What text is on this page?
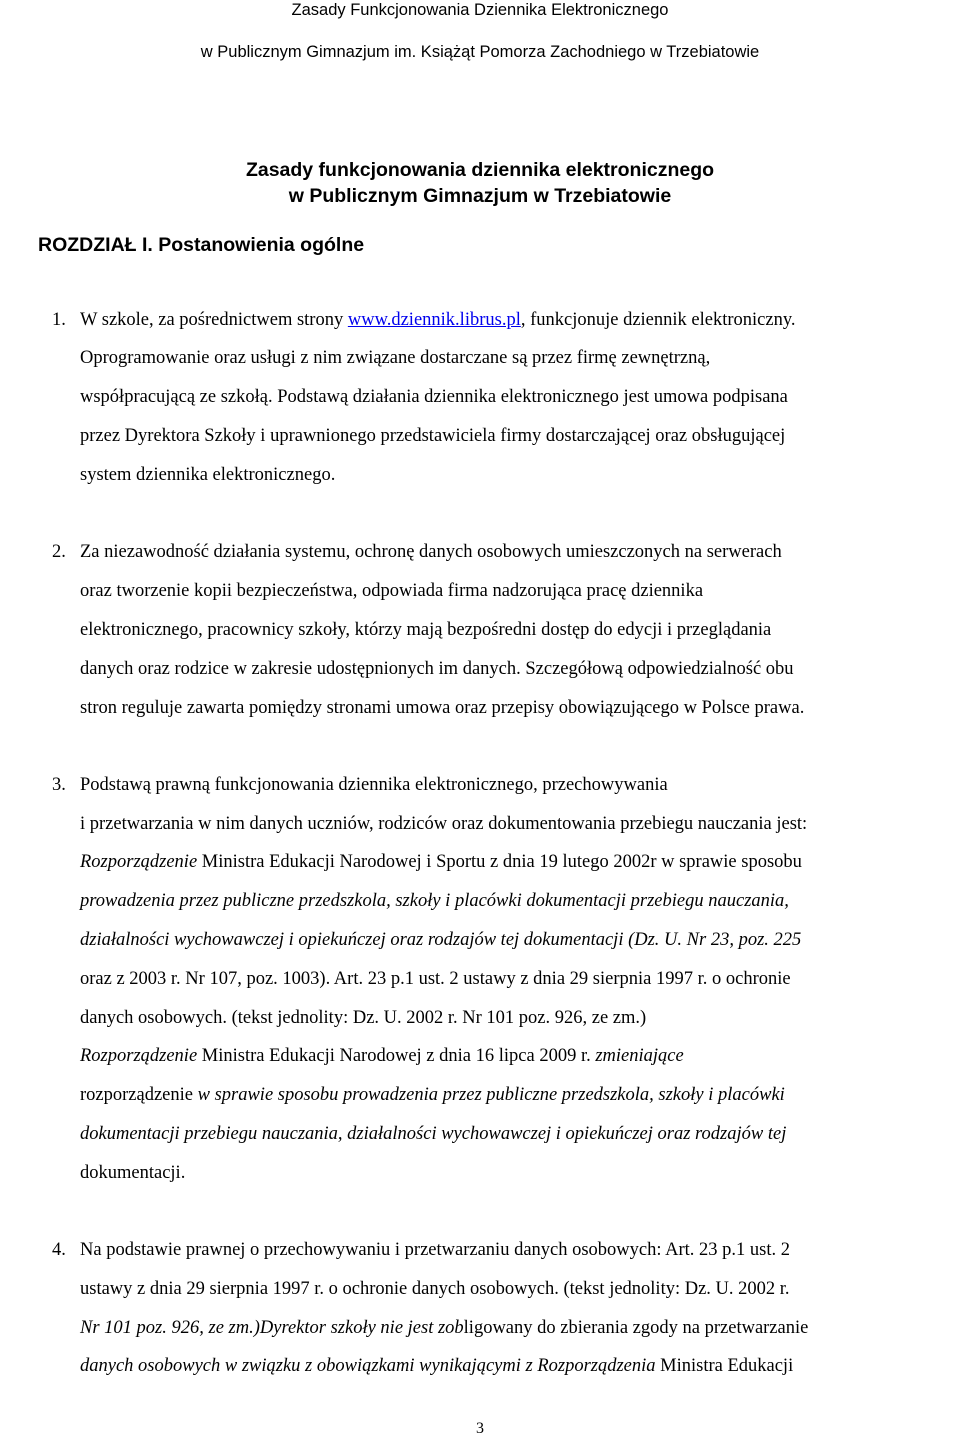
Zasady Funkcjonowania Dziennika Elektronicznego
w Publicznym Gimnazjum im. Książąt Pomorza Zachodniego w Trzebiatowie
Zasady funkcjonowania dziennika elektronicznego
w Publicznym Gimnazjum w Trzebiatowie
ROZDZIAŁ I. Postanowienia ogólne
1. W szkole, za pośrednictwem strony www.dziennik.librus.pl, funkcjonuje dziennik elektroniczny.
Oprogramowanie oraz usługi z nim związane dostarczane są przez firmę zewnętrzną,
współpracującą ze szkołą. Podstawą działania dziennika elektronicznego jest umowa podpisana
przez Dyrektora Szkoły i uprawnionego przedstawiciela firmy dostarczającej oraz obsługującej
system dziennika elektronicznego.
2. Za niezawodność działania systemu, ochronę danych osobowych umieszczonych na serwerach
oraz tworzenie kopii bezpieczeństwa, odpowiada firma nadzorująca pracę dziennika
elektronicznego, pracownicy szkoły, którzy mają bezpośredni dostęp do edycji i przeglądania
danych oraz rodzice w zakresie udostępnionych im danych. Szczegółową odpowiedzialność obu
stron reguluje zawarta pomiędzy stronami umowa oraz przepisy obowiązującego w Polsce prawa.
3. Podstawą prawną funkcjonowania dziennika elektronicznego, przechowywania
i przetwarzania w nim danych uczniów, rodziców oraz dokumentowania przebiegu nauczania jest:
Rozporządzenie Ministra Edukacji Narodowej i Sportu z dnia 19 lutego 2002r w sprawie sposobu
prowadzenia przez publiczne przedszkola, szkoły i placówki dokumentacji przebiegu nauczania,
działalności wychowawczej i opiekuńczej oraz rodzajów tej dokumentacji (Dz. U. Nr 23, poz. 225
oraz z 2003 r. Nr 107, poz. 1003). Art. 23 p.1 ust. 2 ustawy z dnia 29 sierpnia 1997 r. o ochronie
danych osobowych. (tekst jednolity: Dz. U. 2002 r. Nr 101 poz. 926, ze zm.)
Rozporządzenie Ministra Edukacji Narodowej z dnia 16 lipca 2009 r. zmieniające
rozporządzenie w sprawie sposobu prowadzenia przez publiczne przedszkola, szkoły i placówki
dokumentacji przebiegu nauczania, działalności wychowawczej i opiekuńczej oraz rodzajów tej
dokumentacji.
4. Na podstawie prawnej o przechowywaniu i przetwarzaniu danych osobowych: Art. 23 p.1 ust. 2
ustawy z dnia 29 sierpnia 1997 r. o ochronie danych osobowych. (tekst jednolity: Dz. U. 2002 r.
Nr 101 poz. 926, ze zm.)Dyrektor szkoły nie jest zobligowany do zbierania zgody na przetwarzanie
danych osobowych w związku z obowiązkami wynikającymi z Rozporządzenia Ministra Edukacji
3
